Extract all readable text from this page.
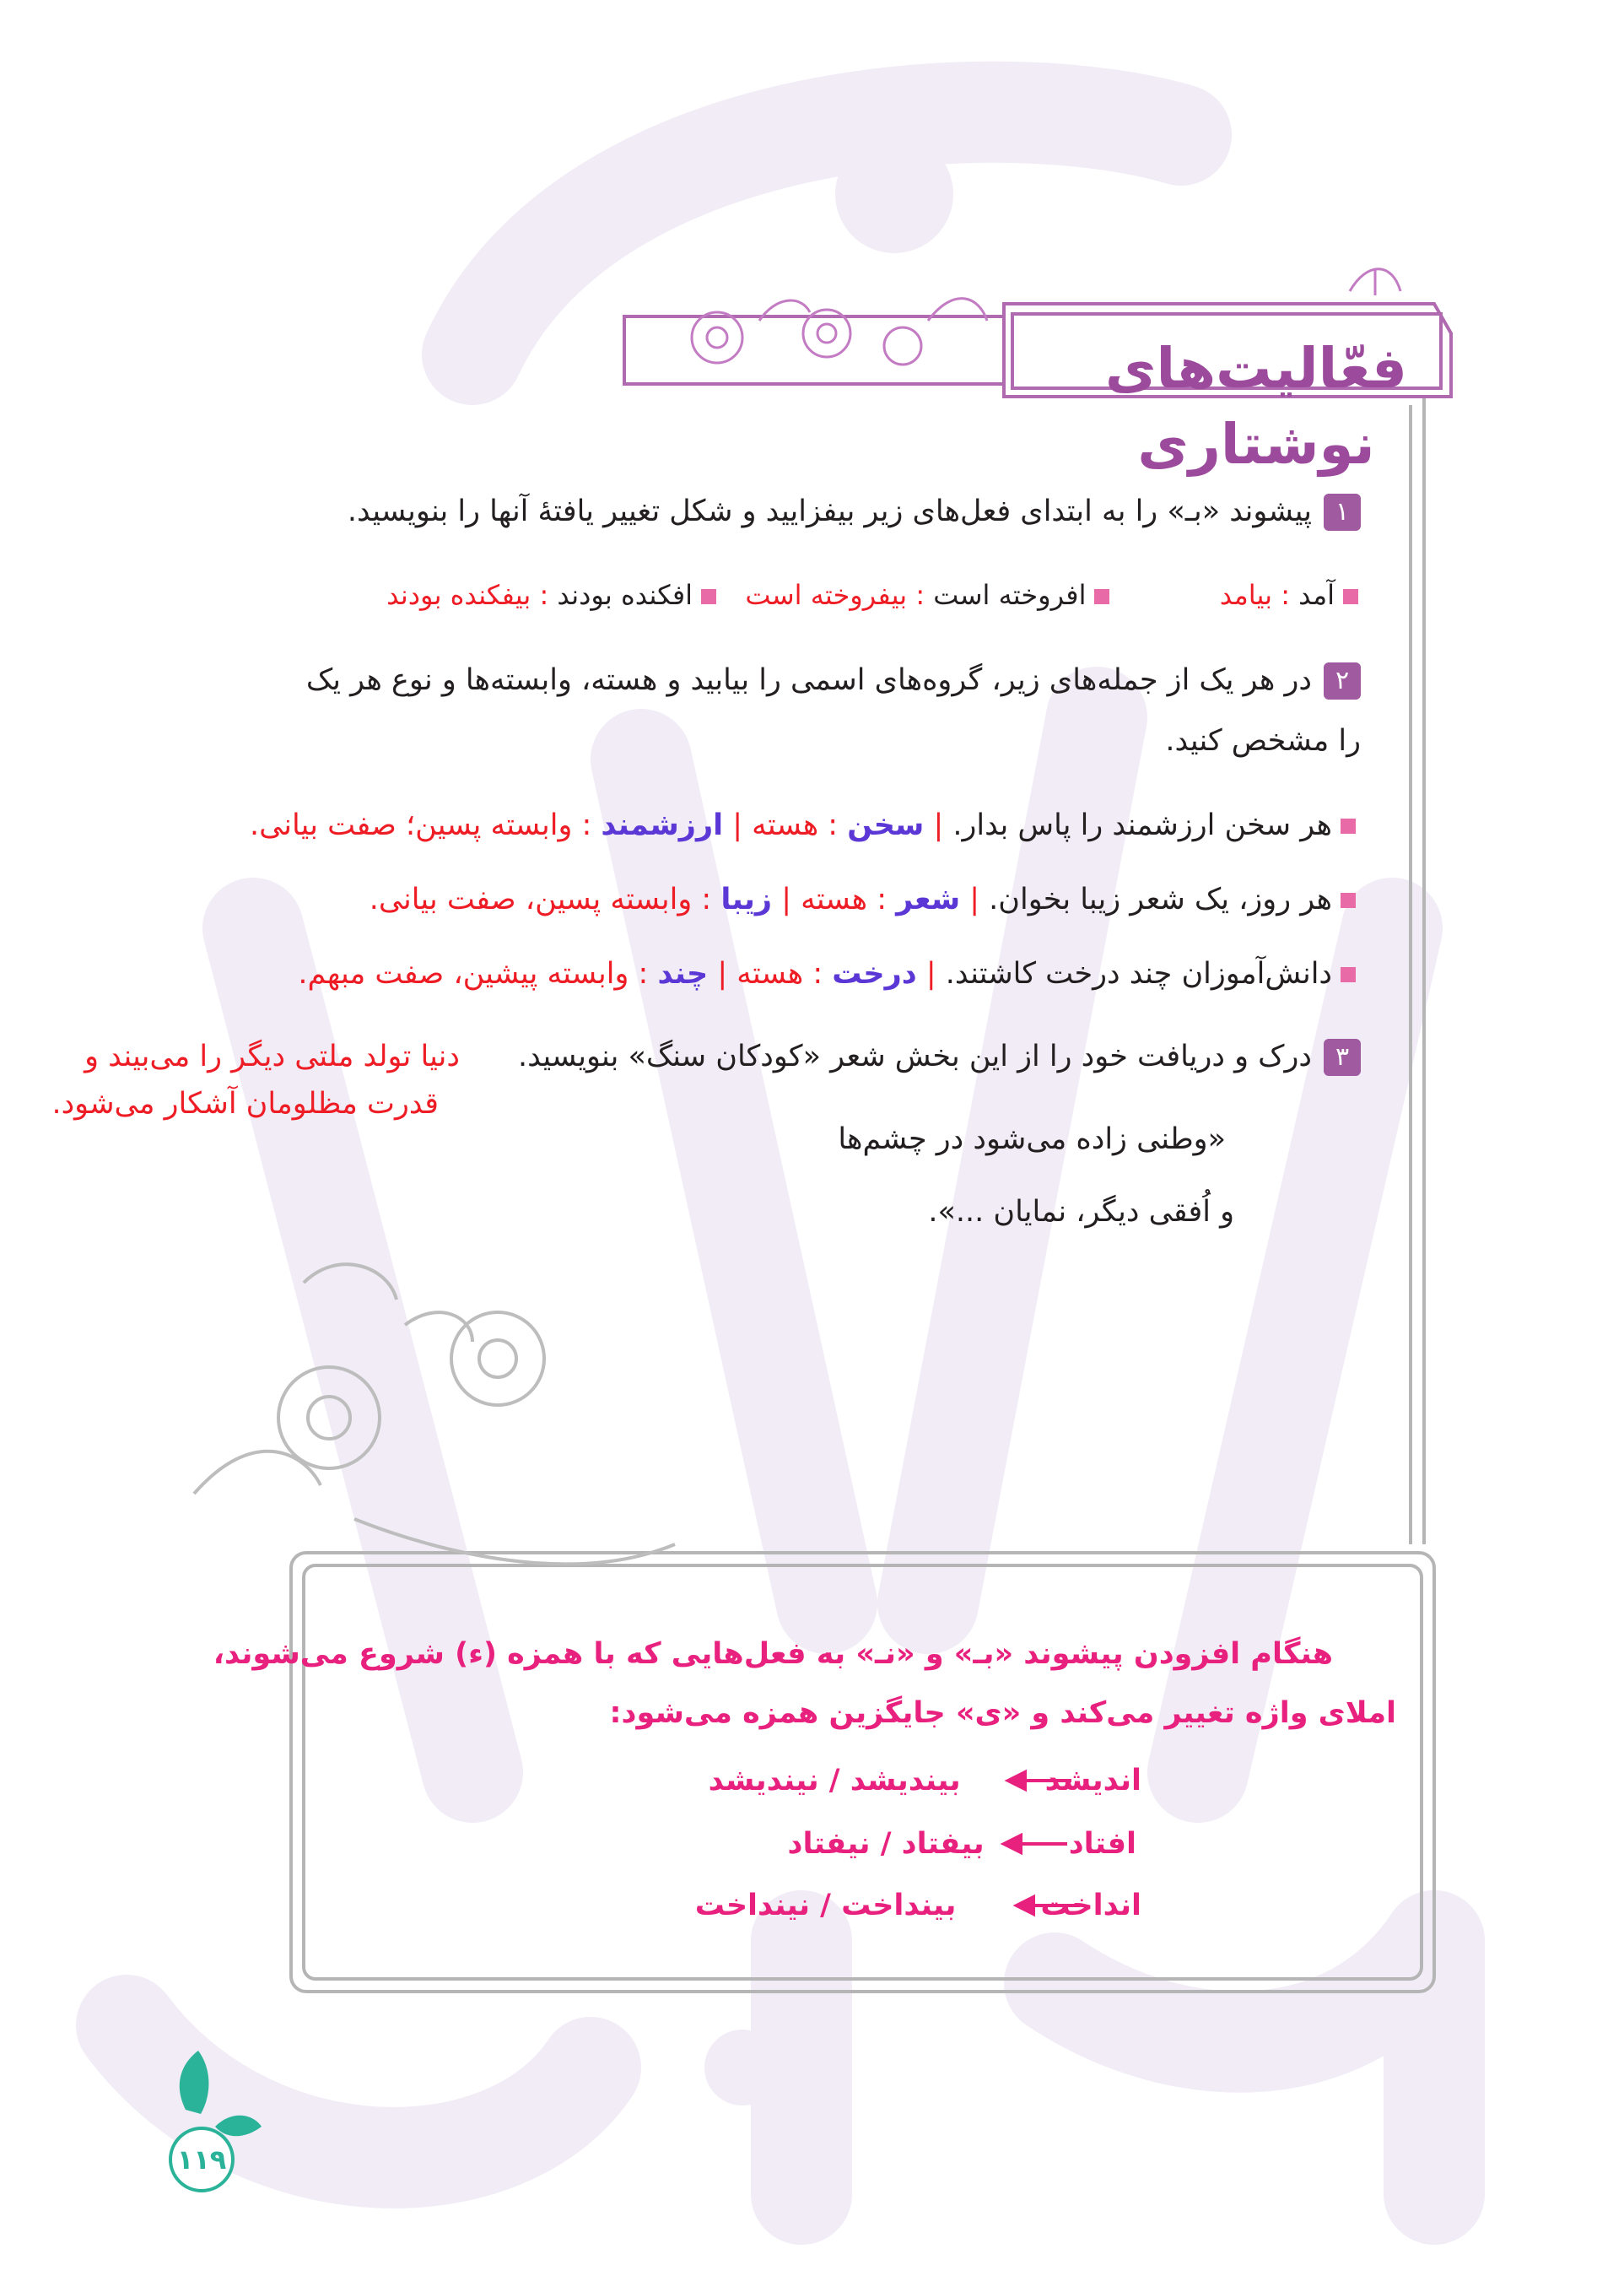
فعّالیت‌های نوشتاری
۱پیشوند «بـ» را به ابتدای فعل‌های زیر بیفزایید و شکل تغییر یافتهٔ آنها را بنویسید.
آمد : بیامد  افروخته است : بیفروخته است  افکنده بودند : بیفکنده بودند
۲در هر یک از جمله‌های زیر، گروه‌های اسمی را بیابید و هسته، وابسته‌ها و نوع هر یک
را مشخص کنید.
هر سخن ارزشمند را پاس بدار. | سخن : هسته | ارزشمند : وابسته پسین؛ صفت بیانی.
هر روز، یک شعر زیبا بخوان. | شعر : هسته | زیبا : وابسته پسین، صفت بیانی.
دانش‌آموزان چند درخت کاشتند. | درخت : هسته | چند : وابسته پیشین، صفت مبهم.
۳درک و دریافت خود را از این بخش شعر «کودکان سنگ» بنویسید.
دنیا تولد ملتی دیگر را می‌بیند و
قدرت مظلومان آشکار می‌شود.
«وطنی زاده می‌شود در چشم‌ها
و اُفقی دیگر، نمایان ...».
هنگام افزودن پیشوند «بـ» و «نـ» به فعل‌هایی که با همزه (ء) شروع می‌شوند،
املای واژه تغییر می‌کند و «ی» جایگزین همزه می‌شود:
اندیشدبیندیشد / نیندیشد
افتادبیفتاد / نیفتاد
انداختبینداخت / نینداخت
۱۱۹
